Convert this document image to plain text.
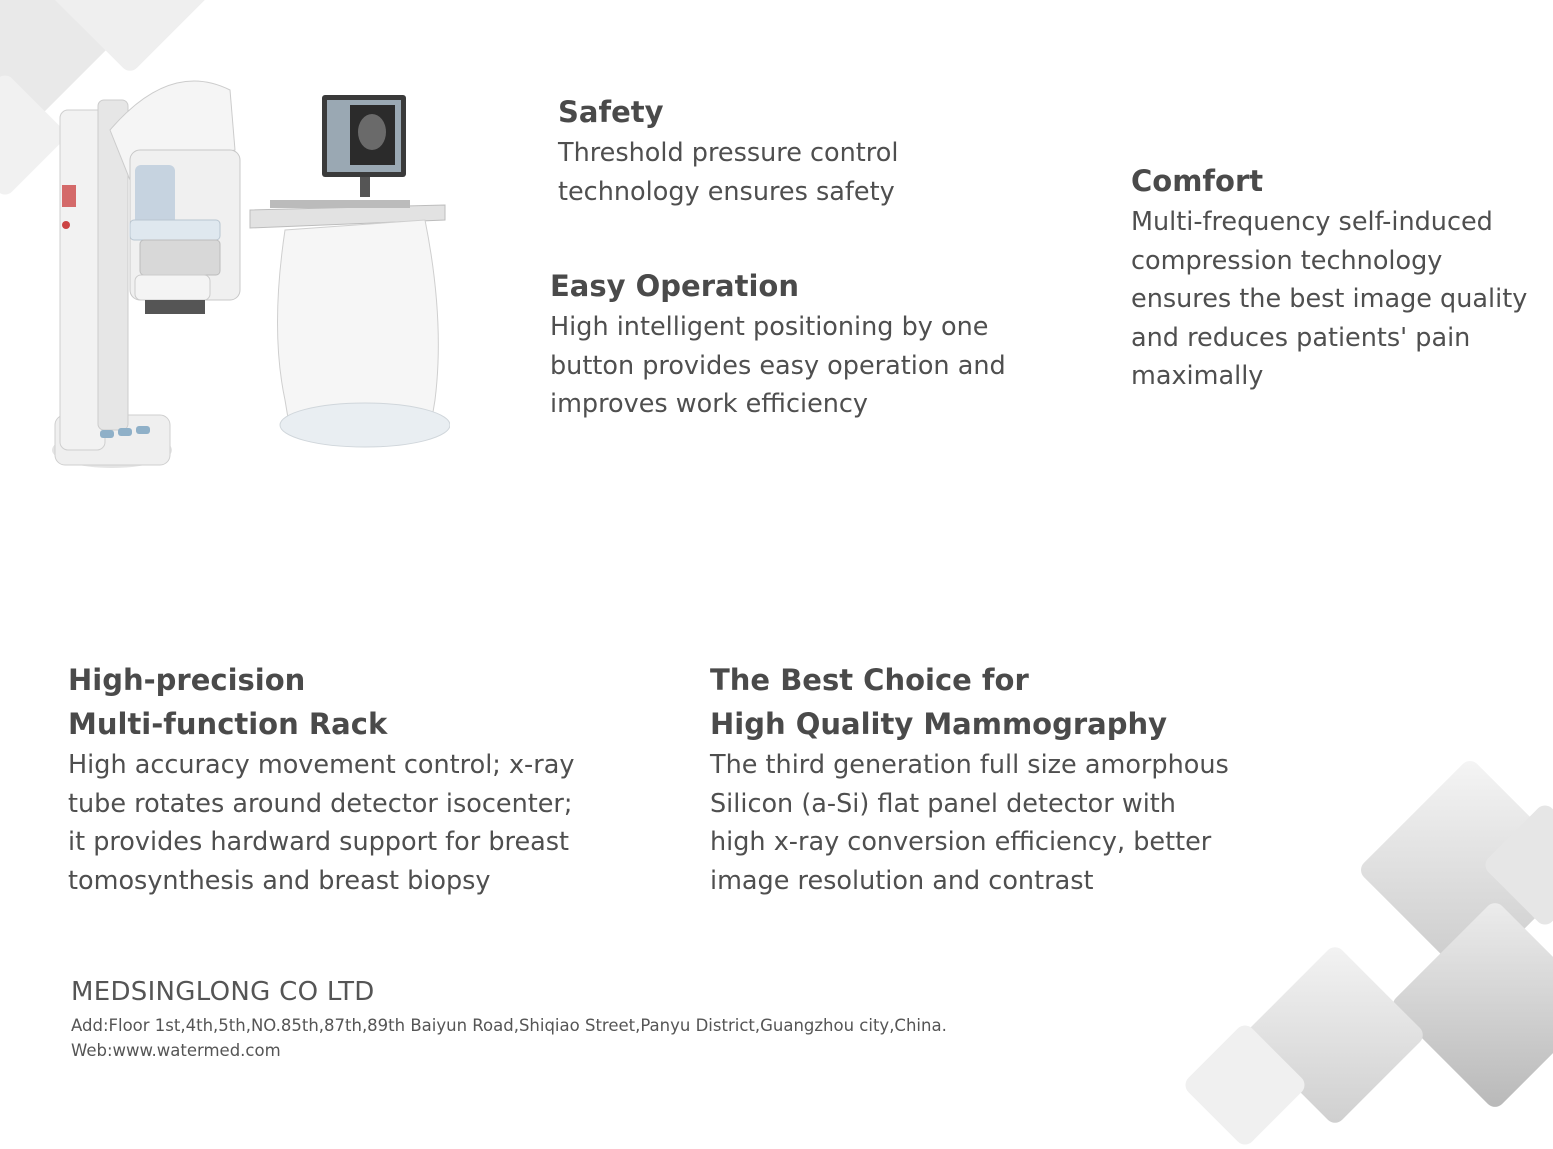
Safety

Threshold pressure control
technology ensures safety

Easy Operation

High intelligent positioning by one
button provides easy operation and
improves work efficiency

Comfort

Multi-frequency self-induced
compression technology
ensures the best image quality
and reduces patients' pain
maximally

High-precision
Multi-function Rack

High accuracy movement control; x-ray
tube rotates around detector isocenter;
it provides hardward support for breast
tomosynthesis and breast biopsy

The Best Choice for
High Quality Mammography

The third generation full size amorphous
Silicon (a-Si) flat panel detector with
high x-ray conversion efficiency, better
image resolution and contrast

MEDSINGLONG CO LTD
Add:Floor 1st,4th,5th,NO.85th,87th,89th Baiyun Road,Shiqiao Street,Panyu District,Guangzhou city,China.
Web:www.watermed.com
